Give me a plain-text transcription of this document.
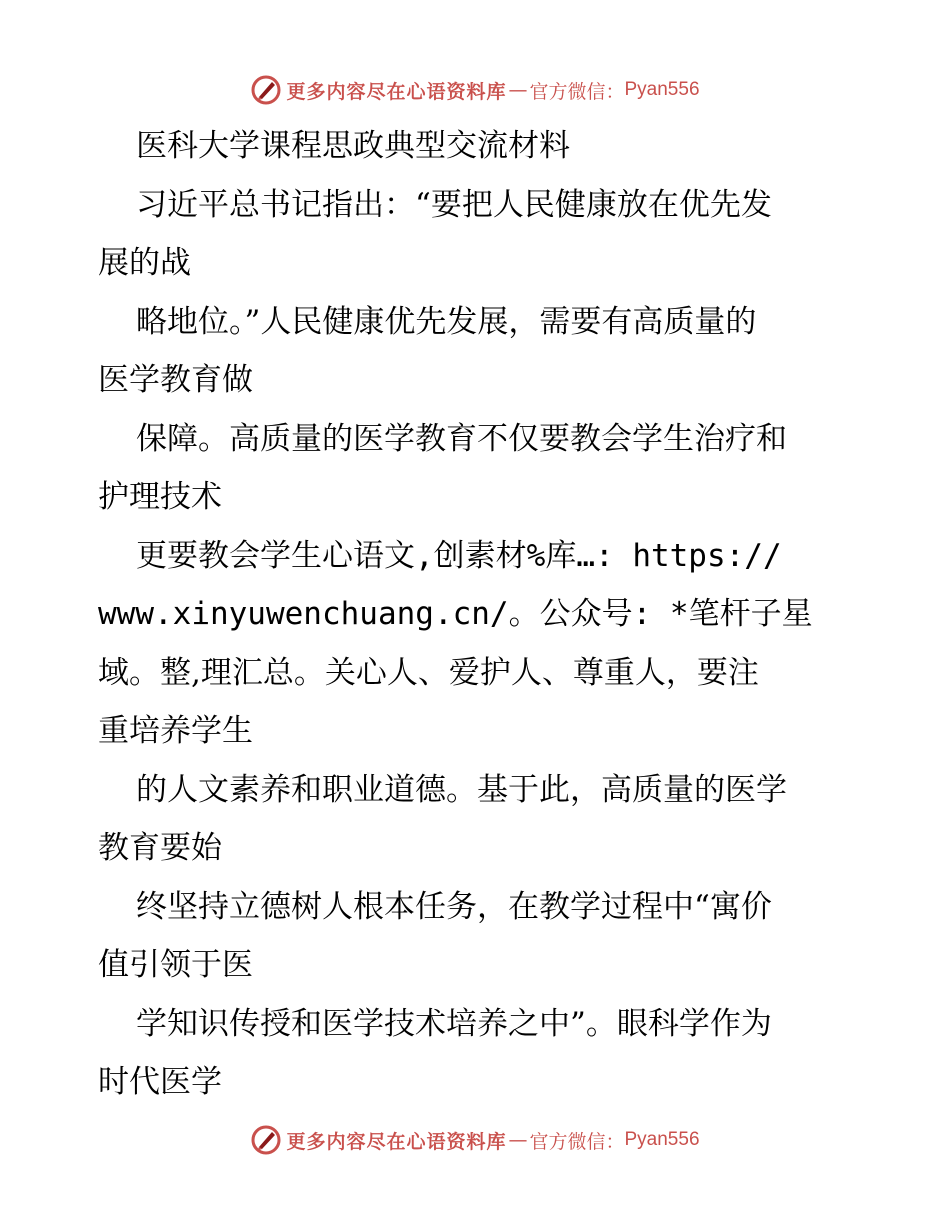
更多内容尽在心语资料库 — 官方微信： Pyan556
医科大学课程思政典型交流材料
习近平总书记指出：“要把人民健康放在优先发
展的战
略地位。”人民健康优先发展，需要有高质量的
医学教育做
保障。高质量的医学教育不仅要教会学生治疗和
护理技术
更要教会学生心语文,创素材%库…: https://
www.xinyuwenchuang.cn/。公众号: *笔杆子星
域。整,理汇总。关心人、爱护人、尊重人，要注
重培养学生
的人文素养和职业道德。基于此，高质量的医学
教育要始
终坚持立德树人根本任务，在教学过程中“寓价
值引领于医
学知识传授和医学技术培养之中”。眼科学作为
时代医学
更多内容尽在心语资料库 — 官方微信： Pyan556
